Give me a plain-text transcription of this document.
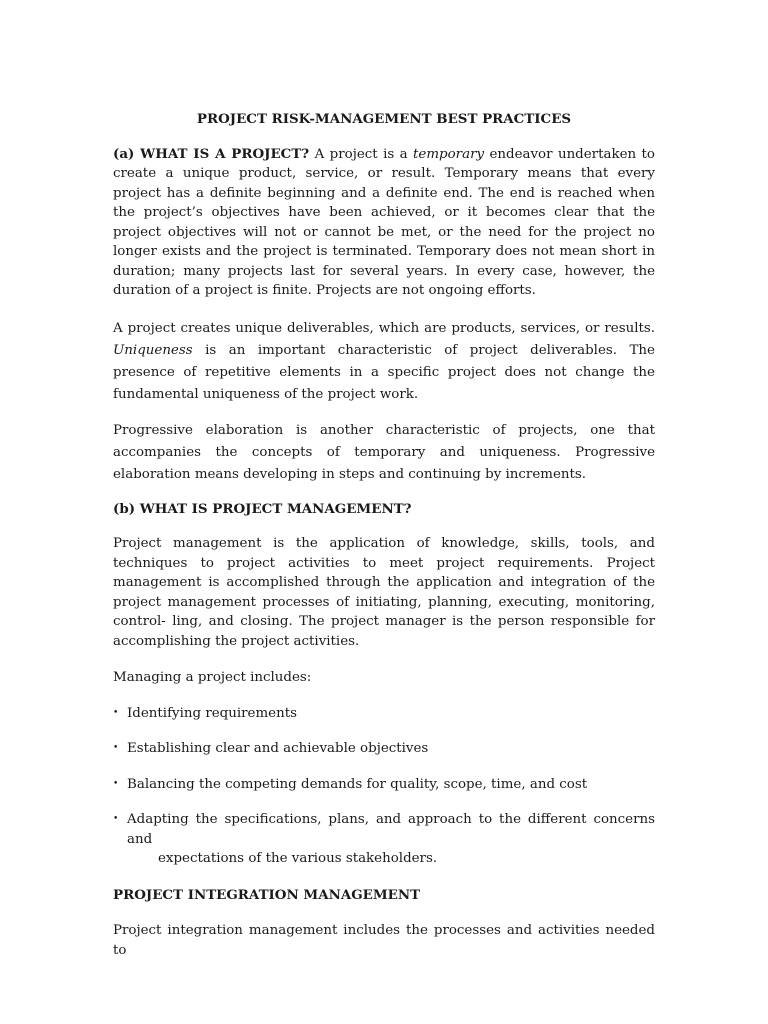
PROJECT RISK-MANAGEMENT BEST PRACTICES

(a) WHAT IS A PROJECT? A project is a temporary endeavor undertaken to create a unique product, service, or result. Temporary means that every project has a definite beginning and a definite end. The end is reached when the project’s objectives have been achieved, or it becomes clear that the project objectives will not or cannot be met, or the need for the project no longer exists and the project is terminated. Temporary does not mean short in duration; many projects last for several years. In every case, however, the duration of a project is finite. Projects are not ongoing efforts.

A project creates unique deliverables, which are products, services, or results. Uniqueness is an important characteristic of project deliverables. The presence of repetitive elements in a specific project does not change the fundamental uniqueness of the project work.

Progressive elaboration is another characteristic of projects, one that accompanies the concepts of temporary and uniqueness. Progressive elaboration means developing in steps and continuing by increments.

(b) WHAT IS PROJECT MANAGEMENT?

Project management is the application of knowledge, skills, tools, and techniques to project activities to meet project requirements. Project management is accomplished through the application and integration of the project management processes of initiating, planning, executing, monitoring, control- ling, and closing. The project manager is the person responsible for accomplishing the project activities.

Managing a project includes:

• Identifying requirements
• Establishing clear and achievable objectives
• Balancing the competing demands for quality, scope, time, and cost
• Adapting the specifications, plans, and approach to the different concerns and
expectations of the various stakeholders.
PROJECT INTEGRATION MANAGEMENT

Project integration management includes the processes and activities needed to
